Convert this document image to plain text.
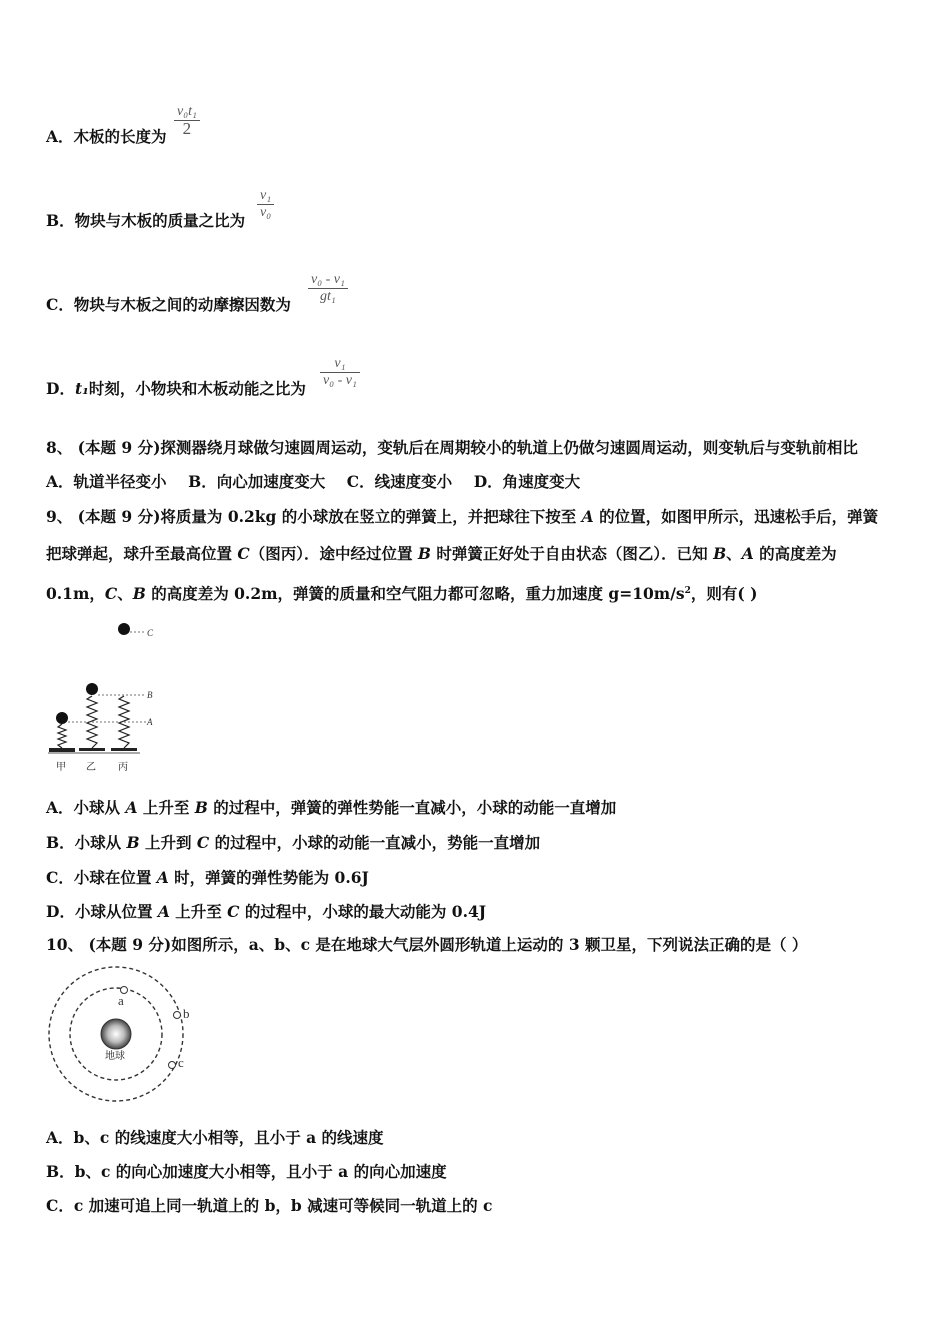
A．木板的长度为
v₀t₁
2
B．物块与木板的质量之比为
v₁
v₀
C．物块与木板之间的动摩擦因数为
v₀ - v₁
gt₁
D．t₁时刻，小物块和木板动能之比为
v₁
v₀ - v₁
8、 (本题 9 分)探测器绕月球做匀速圆周运动，变轨后在周期较小的轨道上仍做匀速圆周运动，则变轨后与变轨前相比
A．轨道半径变小    B．向心加速度变大    C．线速度变小    D．角速度变大
9、 (本题 9 分)将质量为 0.2kg 的小球放在竖立的弹簧上，并把球往下按至 A 的位置，如图甲所示，迅速松手后，弹簧
把球弹起，球升至最高位置 C（图丙）．途中经过位置 B 时弹簧正好处于自由状态（图乙）．已知 B、A 的高度差为
0.1m，C、B 的高度差为 0.2m，弹簧的质量和空气阻力都可忽略，重力加速度 $g=10m/s^2$，则有( )
C
B
A
甲 乙 丙
A．小球从 A 上升至 B 的过程中，弹簧的弹性势能一直减小，小球的动能一直增加
B．小球从 B 上升到 C 的过程中，小球的动能一直减小，势能一直增加
C．小球在位置 A 时，弹簧的弹性势能为 0.6J
D．小球从位置 A 上升至 C 的过程中，小球的最大动能为 0.4J
10、 (本题 9 分)如图所示，a、b、c 是在地球大气层外圆形轨道上运动的 3 颗卫星，下列说法正确的是（ ）
地球
a
b
c
A．b、c 的线速度大小相等，且小于 a 的线速度
B．b、c 的向心加速度大小相等，且小于 a 的向心加速度
C．c 加速可追上同一轨道上的 b，b 减速可等候同一轨道上的 c
